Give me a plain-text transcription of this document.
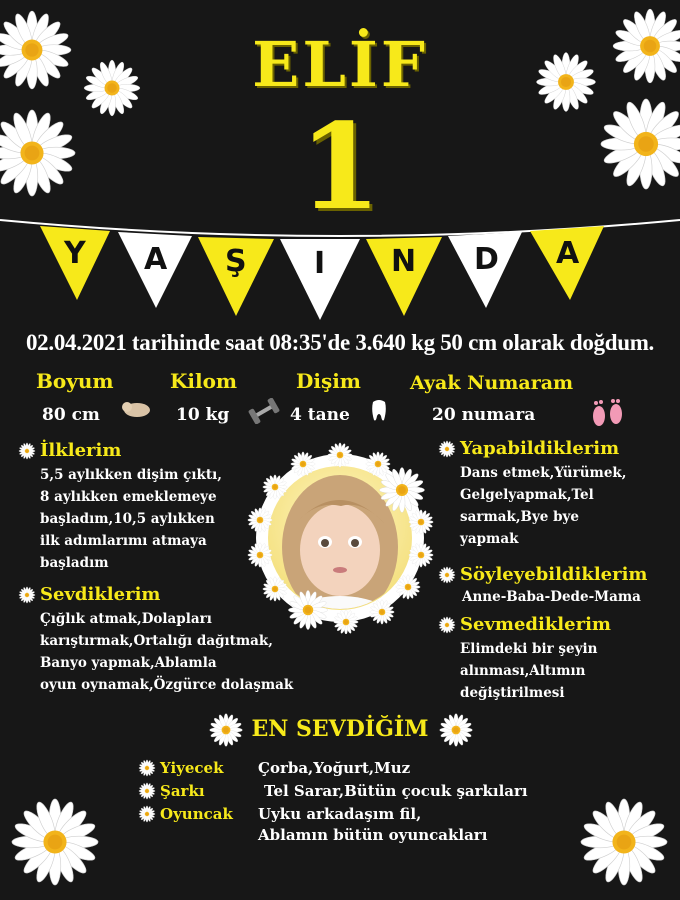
ELİF
1
Y A Ş I N D A
02.04.2021 tarihinde saat 08:35'de 3.640 kg 50 cm olarak doğdum.
Boyum	Kilom	Dişim	Ayak Numaram
80 cm	10 kg	4 tane	20 numara
İlklerim
5,5 aylıkken dişim çıktı,
8 aylıkken emeklemeye
başladım,10,5 aylıkken
ilk adımlarımı atmaya
başladım
Sevdiklerim
Çığlık atmak,Dolapları
karıştırmak,Ortalığı dağıtmak,
Banyo yapmak,Ablamla
oyun oynamak,Özgürce dolaşmak
Yapabildiklerim
Dans etmek,Yürümek,
Gelgelyapmak,Tel
sarmak,Bye bye
yapmak
Söyleyebildiklerim
Anne-Baba-Dede-Mama
Sevmediklerim
Elimdeki bir şeyin
alınması,Altımın
değiştirilmesi
EN SEVDİĞİM
Yiyecek Çorba,Yoğurt,Muz
Şarkı	Tel Sarar,Bütün çocuk şarkıları
Oyuncak Uyku arkadaşım fil,
Ablamın bütün oyuncakları
